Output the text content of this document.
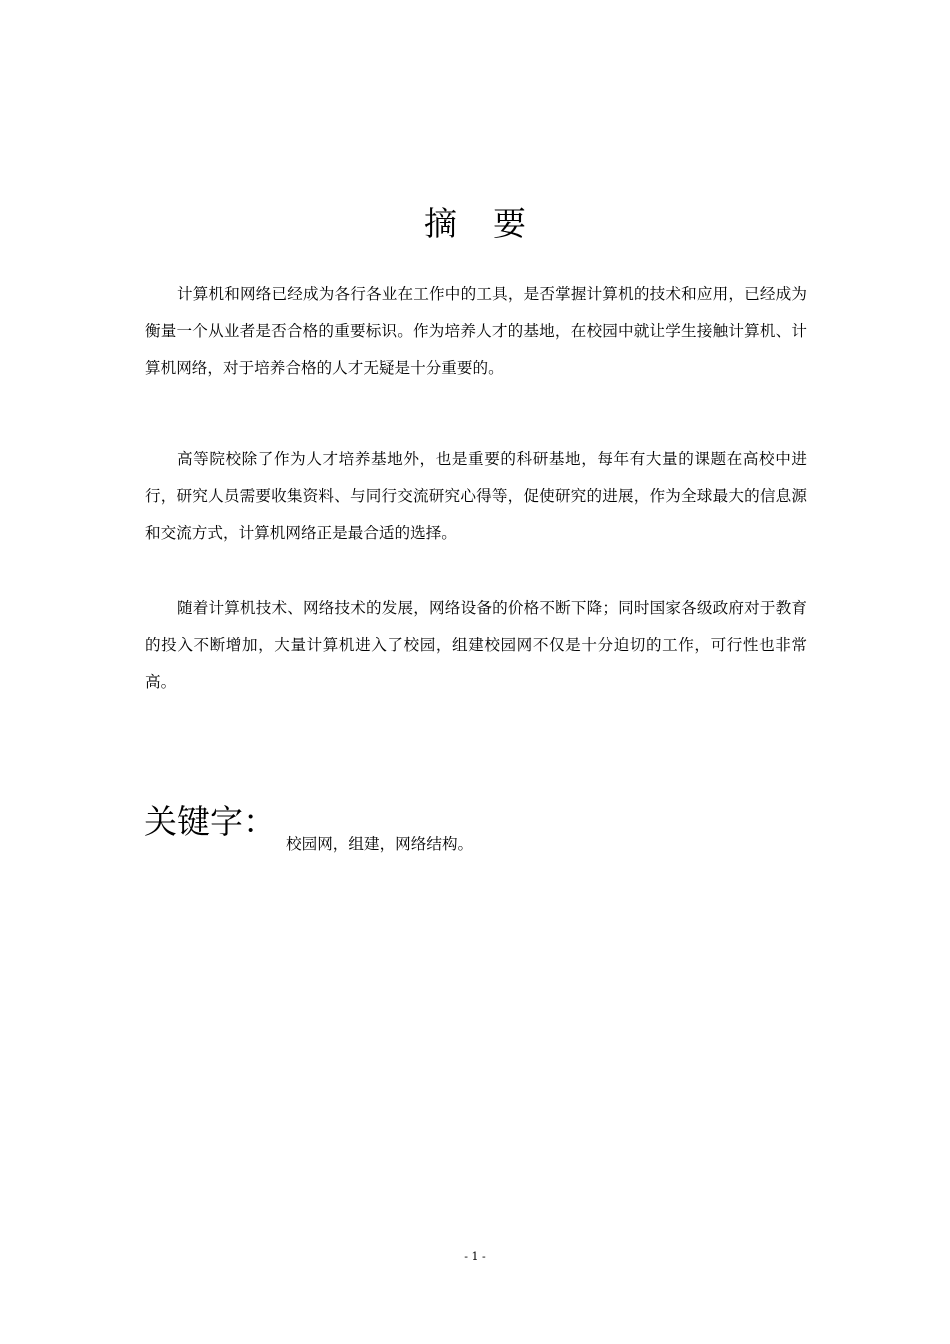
摘 要

计算机和网络已经成为各行各业在工作中的工具，是否掌握计算机的技术和应用，已经成为衡量一个从业者是否合格的重要标识。作为培养人才的基地，在校园中就让学生接触计算机、计算机网络，对于培养合格的人才无疑是十分重要的。

高等院校除了作为人才培养基地外，也是重要的科研基地，每年有大量的课题在高校中进行，研究人员需要收集资料、与同行交流研究心得等，促使研究的进展，作为全球最大的信息源和交流方式，计算机网络正是最合适的选择。

随着计算机技术、网络技术的发展，网络设备的价格不断下降；同时国家各级政府对于教育的投入不断增加，大量计算机进入了校园，组建校园网不仅是十分迫切的工作，可行性也非常高。

关键字：
校园网，组建，网络结构。
- 1 -
